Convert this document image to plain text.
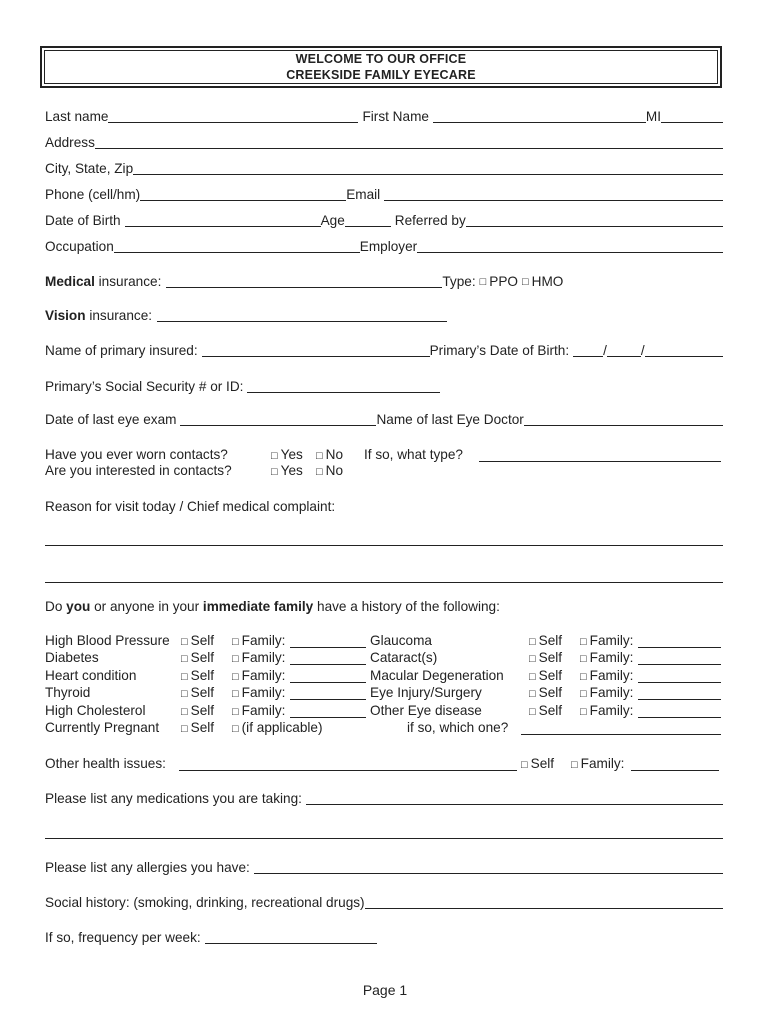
WELCOME TO OUR OFFICE
CREEKSIDE FAMILY EYECARE
Last name	First Name	MI
Address
City, State, Zip
Phone (cell/hm)	Email
Date of Birth	Age	Referred by
Occupation	Employer
Medical insurance:	Type: □ PPO □ HMO
Vision insurance:
Name of primary insured:	Primary’s Date of Birth:	/	/
Primary’s Social Security # or ID:
Date of last eye exam	Name of last Eye Doctor
Have you ever worn contacts?	□ Yes □ No If so, what type?
Are you interested in contacts?	□ Yes □ No
Reason for visit today / Chief medical complaint:
Do you or anyone in your immediate family have a history of the following:
High Blood Pressure □ Self □ Family:	Glaucoma	□ Self □ Family:
Diabetes	□ Self □ Family:	Cataract(s)	□ Self □ Family:
Heart condition	□ Self □ Family:	Macular Degeneration □ Self □ Family:
Thyroid	□ Self □ Family:	Eye Injury/Surgery	□ Self □ Family:
High Cholesterol	□ Self □ Family:	Other Eye disease	□ Self □ Family:
Currently Pregnant □ Self □ (if applicable)	if so, which one?
Other health issues:	□ Self □ Family:
Please list any medications you are taking:
Please list any allergies you have:
Social history: (smoking, drinking, recreational drugs)
If so, frequency per week:
Page 1
